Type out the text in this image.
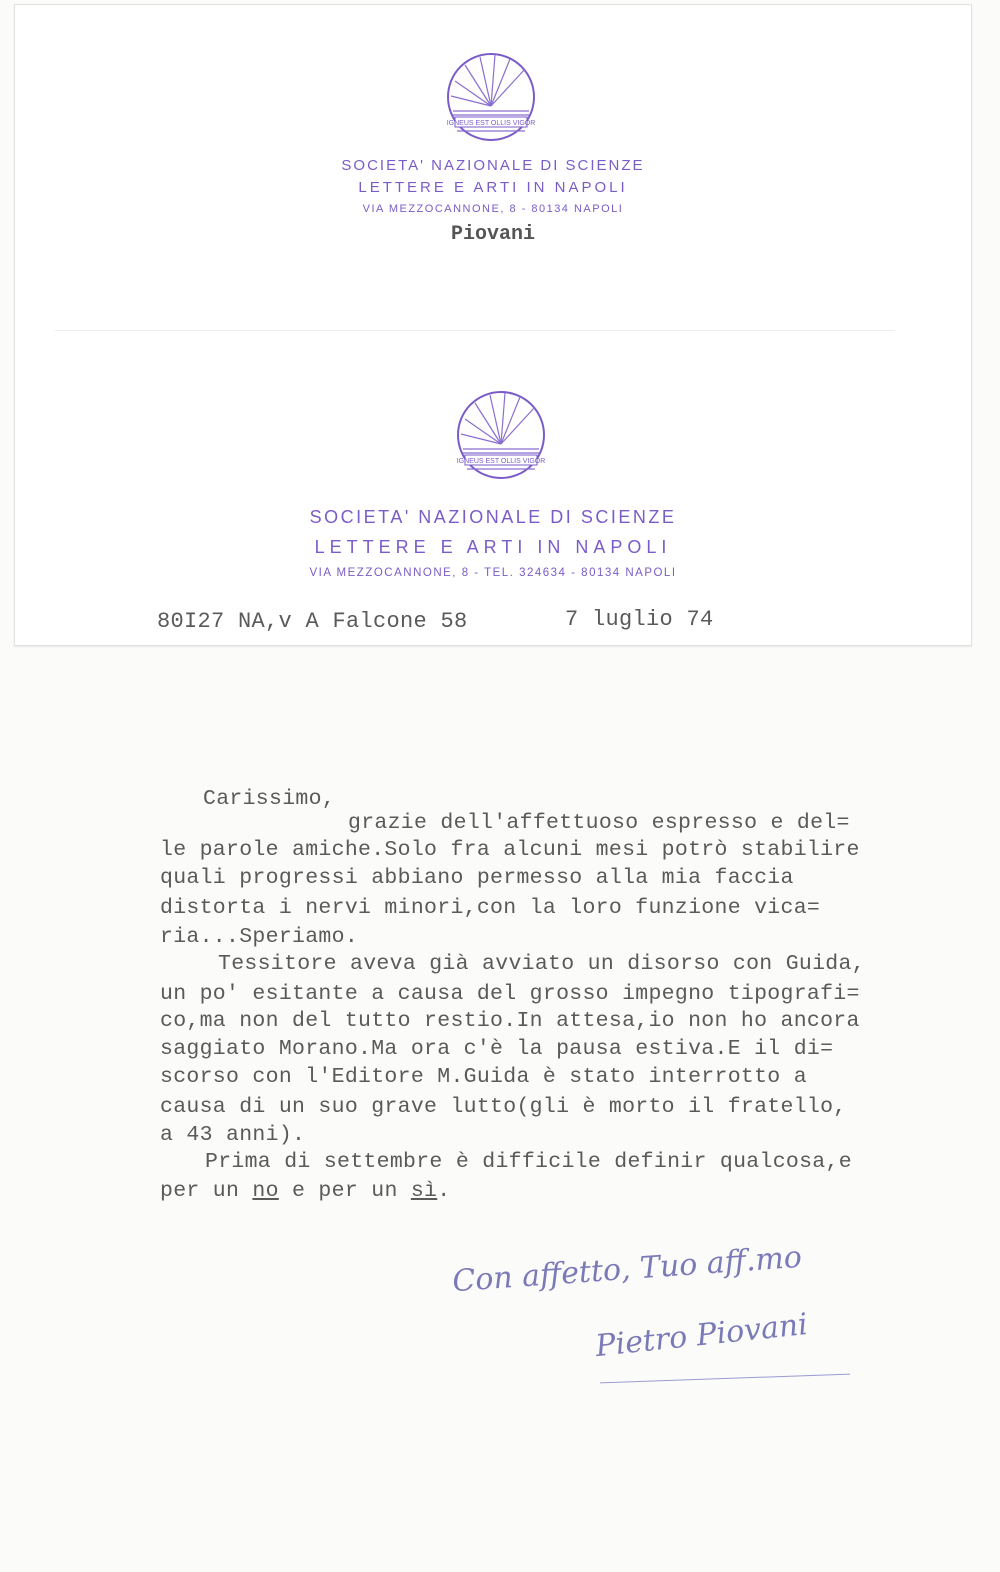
IGNEUS EST OLLIS VIGOR
SOCIETA' NAZIONALE DI SCIENZE
LETTERE E ARTI IN NAPOLI
VIA MEZZOCANNONE, 8 - 80134 NAPOLI
Piovani
IGNEUS EST OLLIS VIGOR
SOCIETA' NAZIONALE DI SCIENZE
LETTERE E ARTI IN NAPOLI
VIA MEZZOCANNONE, 8 - TEL. 324634 - 80134 NAPOLI
80I27 NA,v A Falcone 58	7 luglio 74
Carissimo,
grazie dell'affettuoso espresso e del=
le parole amiche.Solo fra alcuni mesi potrò stabilire
quali progressi abbiano permesso alla mia faccia
distorta i nervi minori,con la loro funzione vica=
ria...Speriamo.
Tessitore aveva già avviato un disorso con Guida,
un po' esitante a causa del grosso impegno tipografi=
co,ma non del tutto restio.In attesa,io non ho ancora
saggiato Morano.Ma ora c'è la pausa estiva.E il di=
scorso con l'Editore M.Guida è stato interrotto a
causa di un suo grave lutto(gli è morto il fratello,
a 43 anni).
Prima di settembre è difficile definir qualcosa,e
per un no e per un sì.
Con affetto, Tuo aff.mo
Pietro Piovani
